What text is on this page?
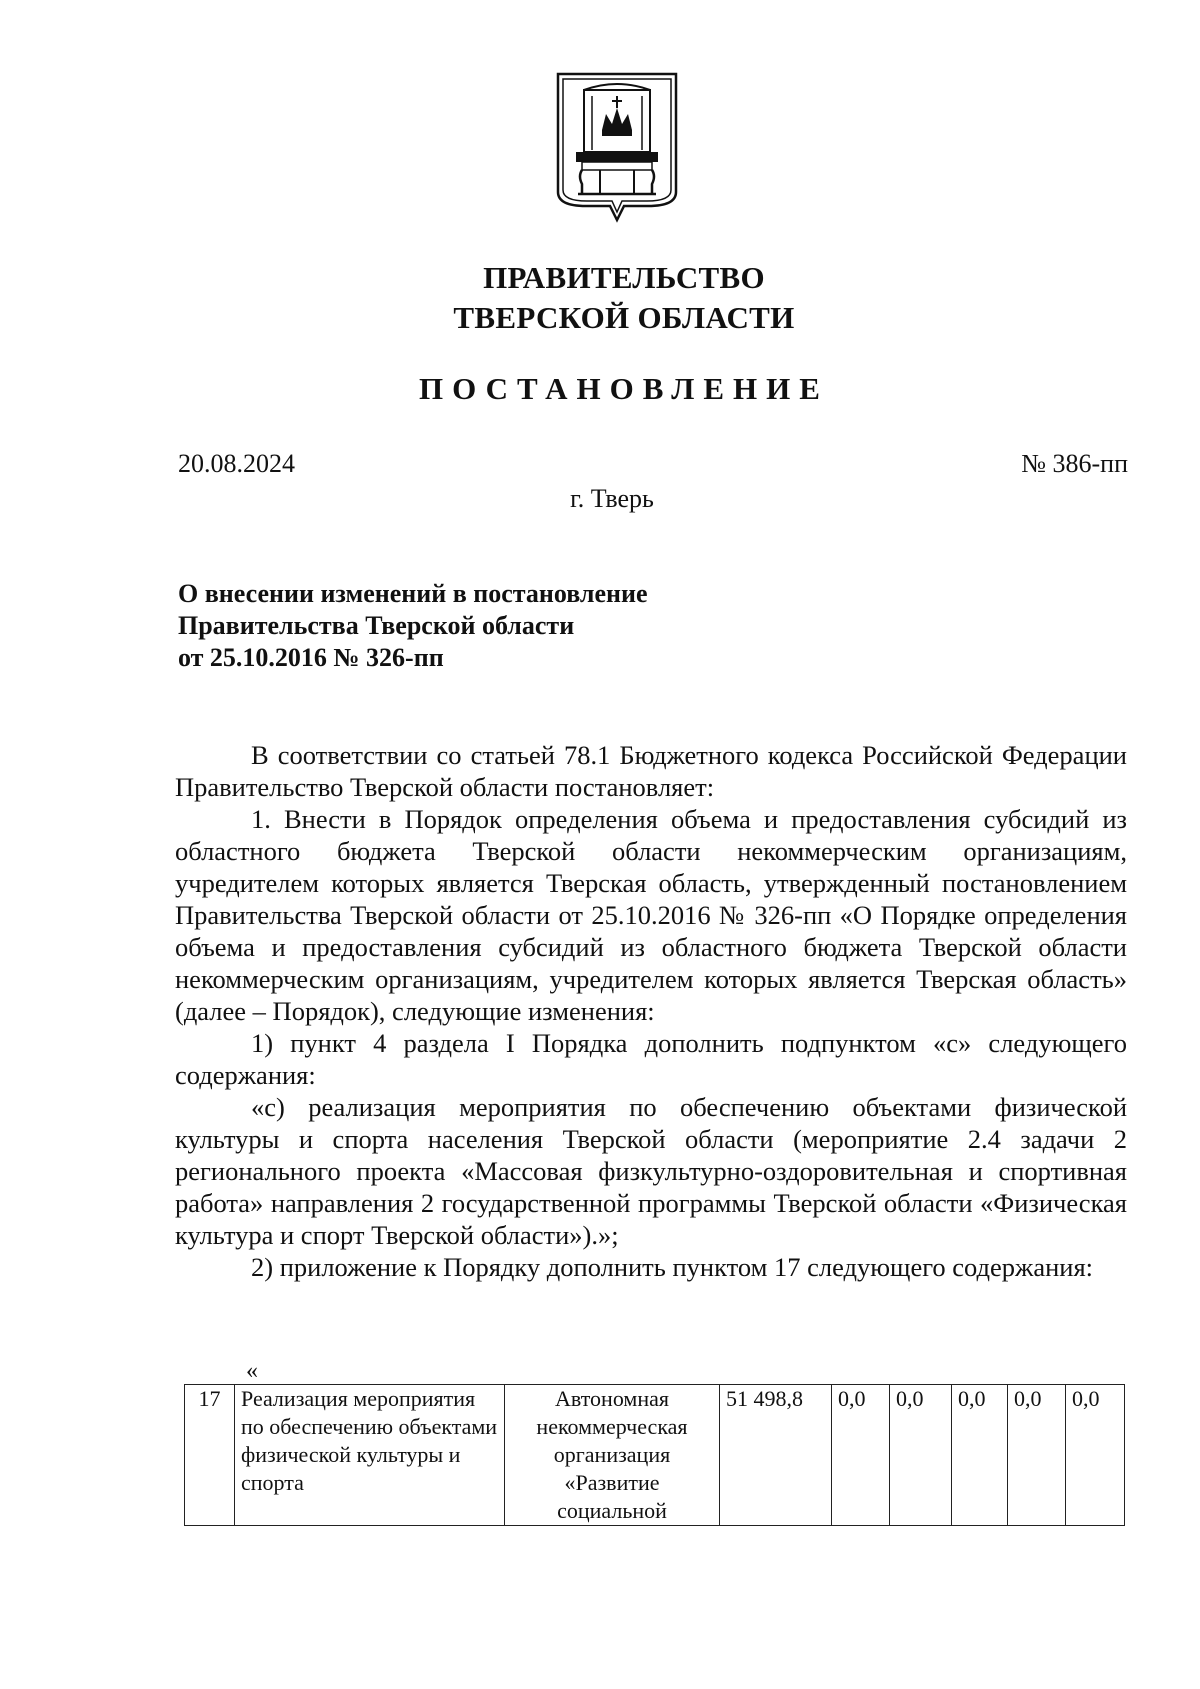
ПРАВИТЕЛЬСТВО
ТВЕРСКОЙ ОБЛАСТИ
ПОСТАНОВЛЕНИЕ
20.08.2024	№ 386-пп
г. Тверь
О внесении изменений в постановление
Правительства Тверской области
от 25.10.2016 № 326-пп

В соответствии со статьей 78.1 Бюджетного кодекса Российской Федерации Правительство Тверской области постановляет:

1. Внести в Порядок определения объема и предоставления субсидий из областного бюджета Тверской области некоммерческим организациям, учредителем которых является Тверская область, утвержденный постановлением Правительства Тверской области от 25.10.2016 № 326-пп «О Порядке определения объема и предоставления субсидий из областного бюджета Тверской области некоммерческим организациям, учредителем которых является Тверская область» (далее – Порядок), следующие изменения:

1) пункт 4 раздела I Порядка дополнить подпунктом «с» следующего содержания:

«с) реализация мероприятия по обеспечению объектами физической культуры и спорта населения Тверской области (мероприятие 2.4 задачи 2 регионального проекта «Массовая физкультурно-оздоровительная и спортивная работа» направления 2 государственной программы Тверской области «Физическая культура и спорт Тверской области»).»;

2) приложение к Порядку дополнить пунктом 17 следующего содержания:

«
17	Реализация мероприятия по обеспечению объектами физической культуры и спорта	Автономная некоммерческая организация «Развитие социальной	51 498,8	0,0	0,0	0,0	0,0	0,0
